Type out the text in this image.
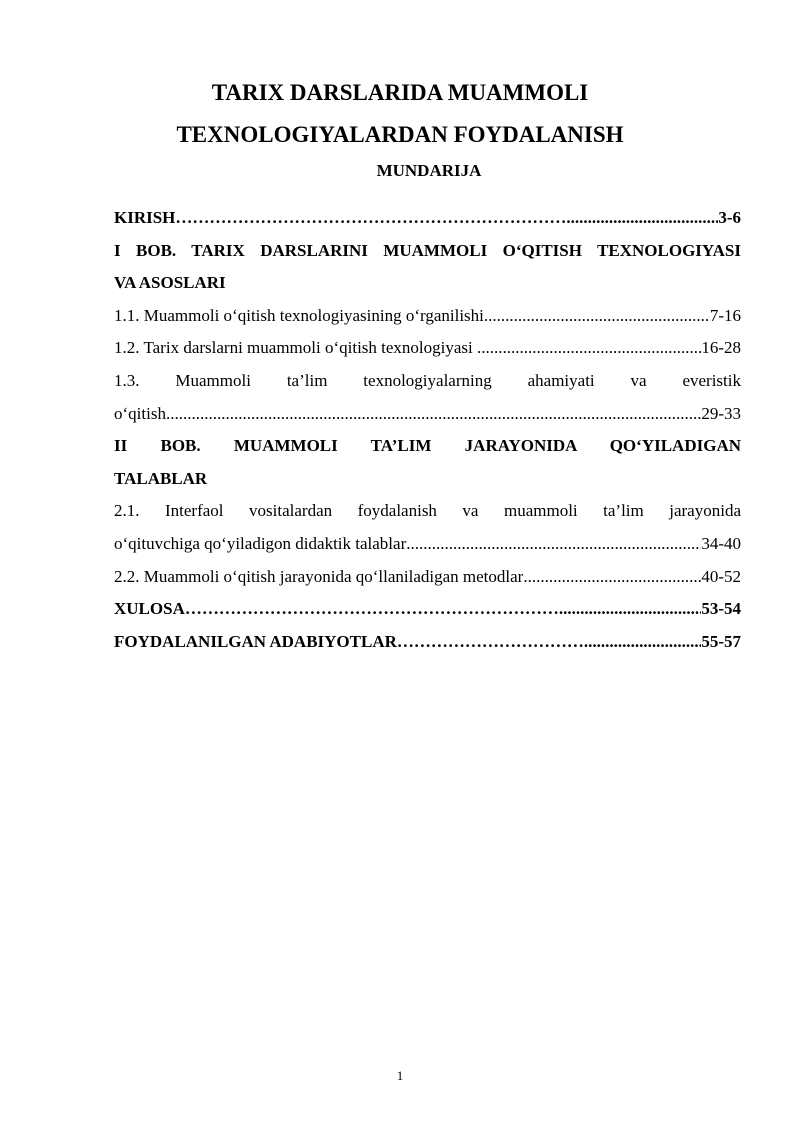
TARIX DARSLARIDA MUAMMOLI
TEXNOLOGIYALARDAN FOYDALANISH
MUNDARIJA
KIRISH…………………………………………………………… .....	3-6
I BOB. TARIX DARSLARINI MUAMMOLI O‘QITISH TEXNOLOGIYASI
VA ASOSLARI
1.1. Muammoli o‘qitish texnologiyasining o‘rganilishi .....	7-16
1.2. Tarix darslarni muammoli o‘qitish texnologiyasi .....	16-28
1.3. Muammoli ta’lim texnologiyalarning ahamiyati va everistik
o‘qitish .....	29-33
II BOB. MUAMMOLI TA’LIM JARAYONIDA QO‘YILADIGAN
TALABLAR
2.1. Interfaol vositalardan foydalanish va muammoli ta’lim jarayonida
o‘qituvchiga qo‘yiladigon didaktik talablar .....	34-40
2.2. Muammoli o‘qitish jarayonida qo‘llaniladigan metodlar .....	40-52
XULOSA………………………………………………………… .....	53-54
FOYDALANILGAN ADABIYOTLAR…………………………… .....	55-57
1
